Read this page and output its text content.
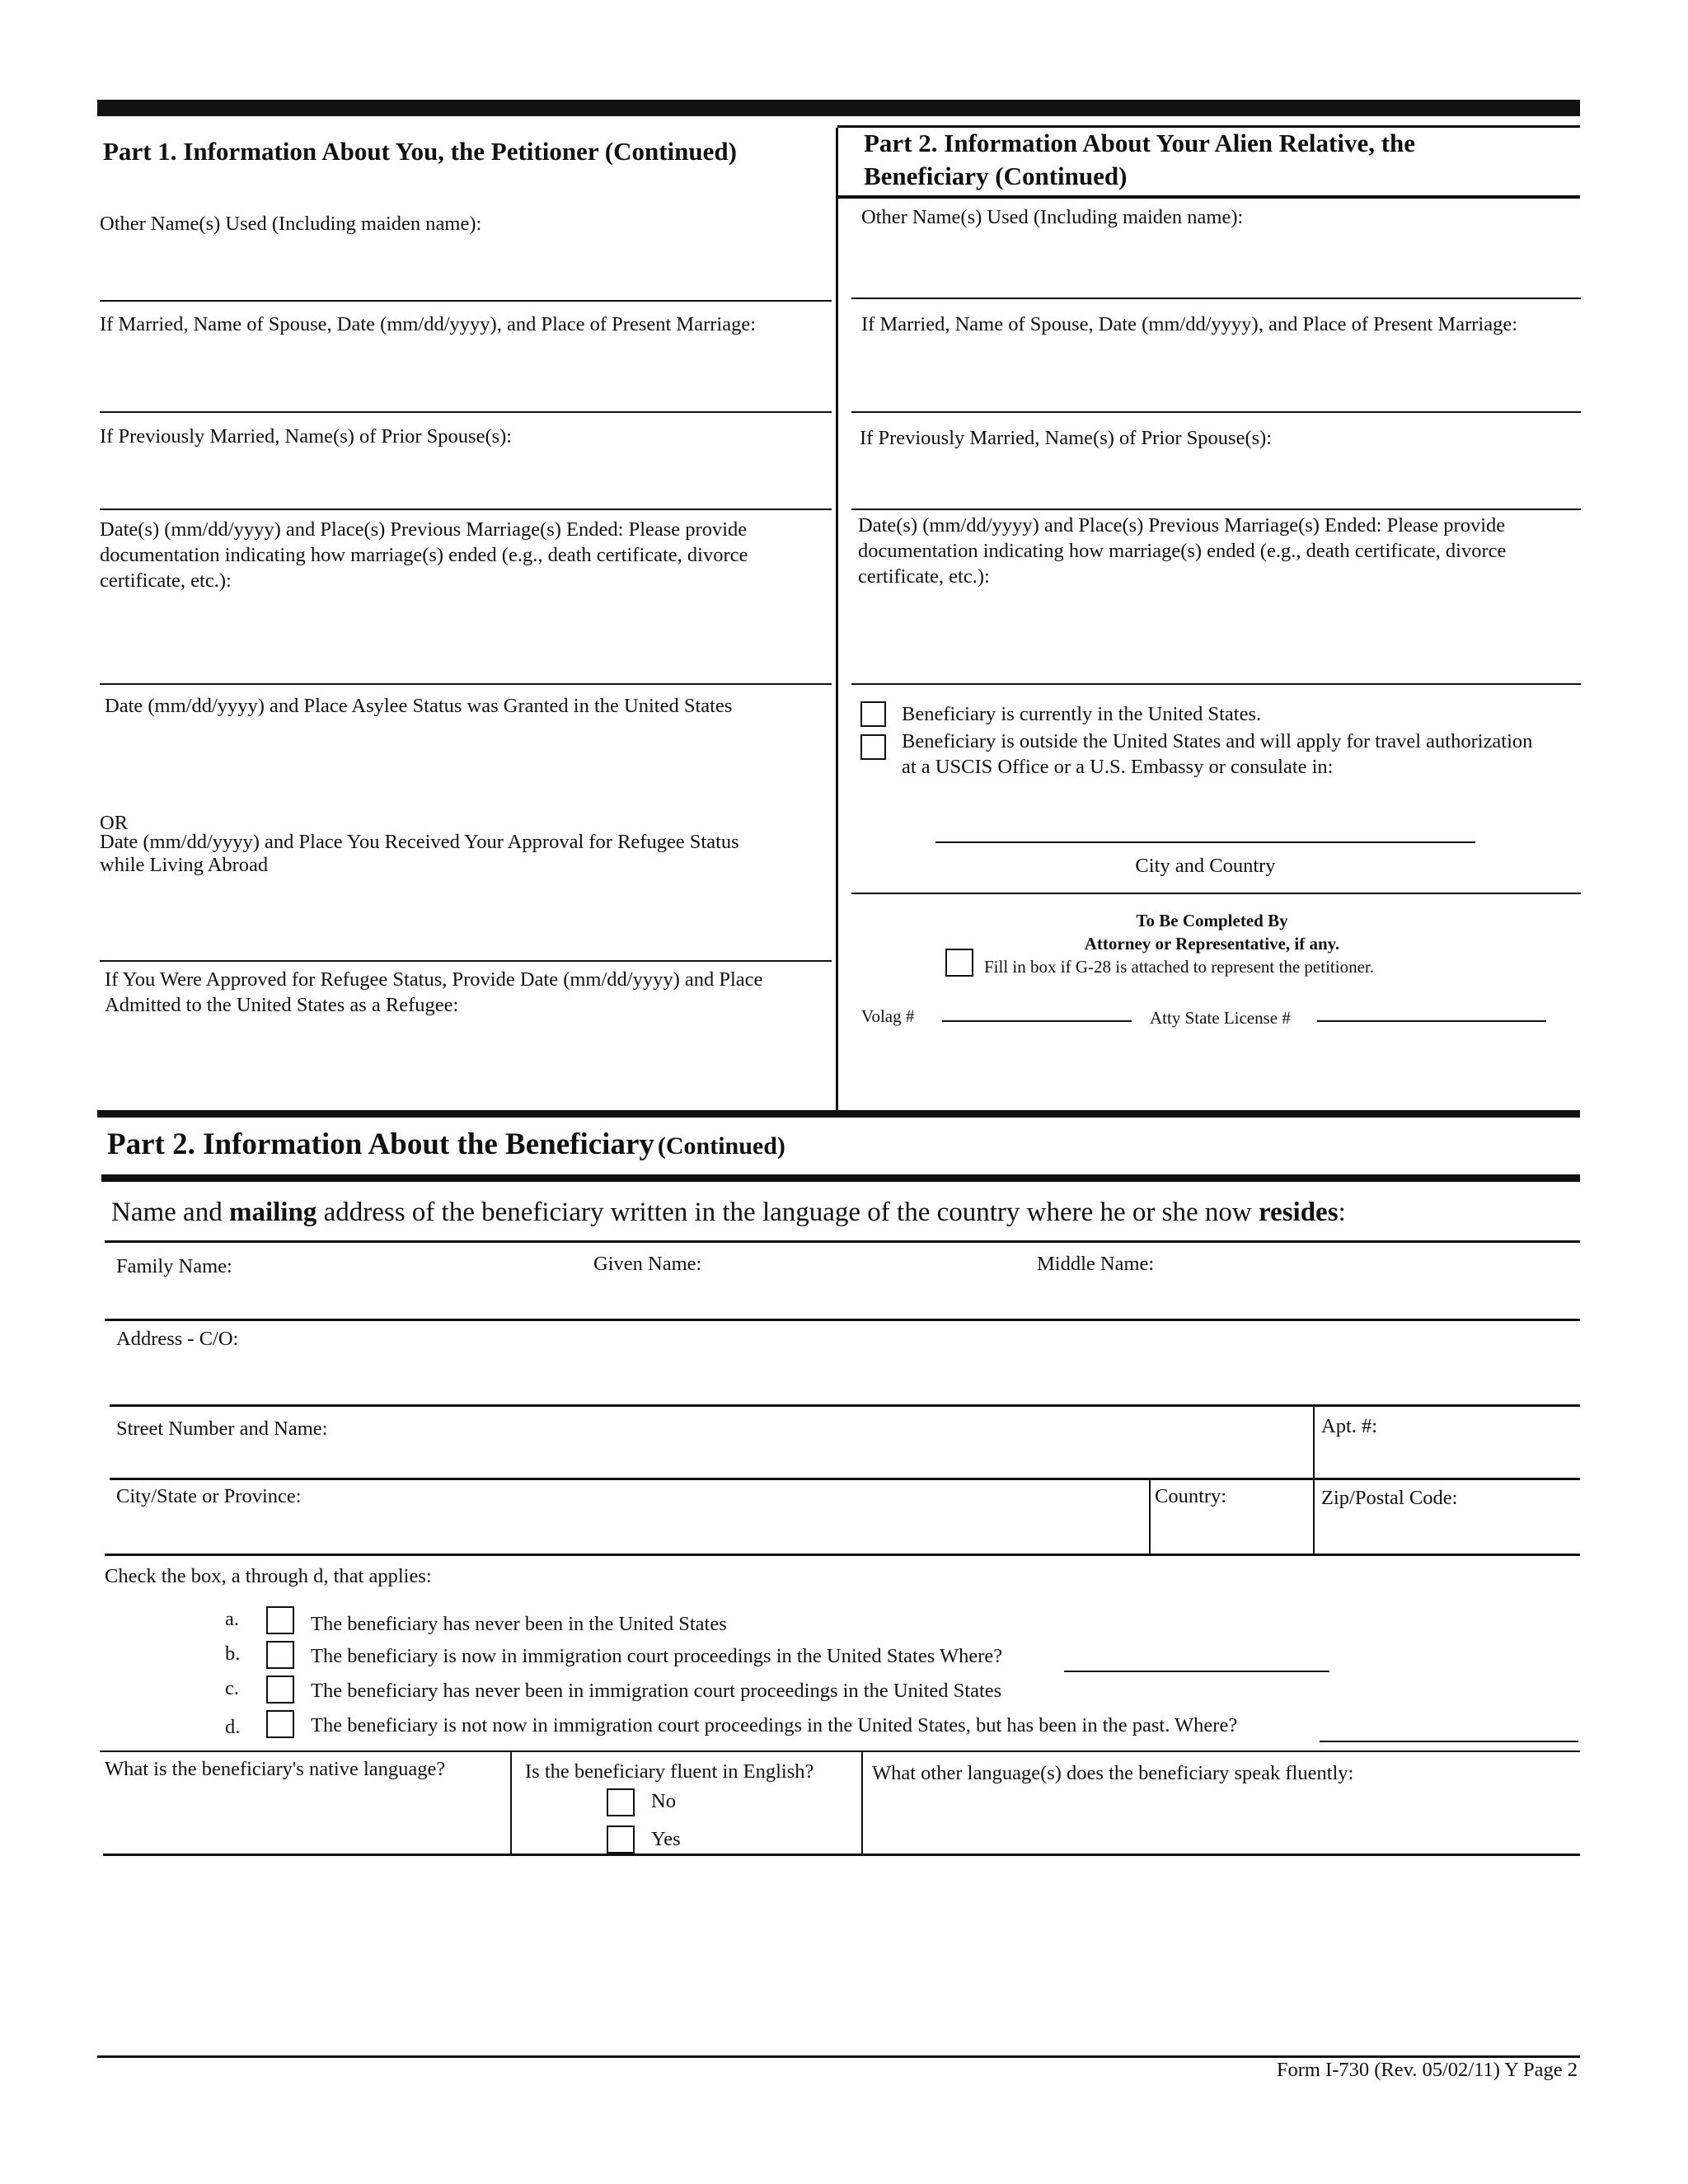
Part 1. Information About You, the Petitioner (Continued)	Part 2. Information About Your Alien Relative, the
Beneficiary (Continued)
Other Name(s) Used (Including maiden name):
If Married, Name of Spouse, Date (mm/dd/yyyy), and Place of Present Marriage:
If Previously Married, Name(s) of Prior Spouse(s):
Date(s) (mm/dd/yyyy) and Place(s) Previous Marriage(s) Ended: Please provide documentation indicating how marriage(s) ended (e.g., death certificate, divorce certificate, etc.):
Date (mm/dd/yyyy) and Place Asylee Status was Granted in the United States
OR
Date (mm/dd/yyyy) and Place You Received Your Approval for Refugee Status while Living Abroad
If You Were Approved for Refugee Status, Provide Date (mm/dd/yyyy) and Place Admitted to the United States as a Refugee:
Other Name(s) Used (Including maiden name):
If Married, Name of Spouse, Date (mm/dd/yyyy), and Place of Present Marriage:
If Previously Married, Name(s) of Prior Spouse(s):
Date(s) (mm/dd/yyyy) and Place(s) Previous Marriage(s) Ended: Please provide documentation indicating how marriage(s) ended (e.g., death certificate, divorce certificate, etc.):
Beneficiary is currently in the United States.
Beneficiary is outside the United States and will apply for travel authorization at a USCIS Office or a U.S. Embassy or consulate in:
City and Country
To Be Completed By
Attorney or Representative, if any.
Fill in box if G-28 is attached to represent the petitioner.
Volag #	Atty State License #
Part 2. Information About the Beneficiary (Continued)
Name and mailing address of the beneficiary written in the language of the country where he or she now resides:
Family Name:	Given Name:	Middle Name:
Address - C/O:
Street Number and Name:	Apt. #:
City/State or Province:	Country:	Zip/Postal Code:
Check the box, a through d, that applies:
a.	The beneficiary has never been in the United States
b.	The beneficiary is now in immigration court proceedings in the United States Where?
c.	The beneficiary has never been in immigration court proceedings in the United States
d.	The beneficiary is not now in immigration court proceedings in the United States, but has been in the past. Where?
What is the beneficiary's native language?	Is the beneficiary fluent in English?
No
Yes
What other language(s) does the beneficiary speak fluently:
Form I-730 (Rev. 05/02/11) Y Page 2
